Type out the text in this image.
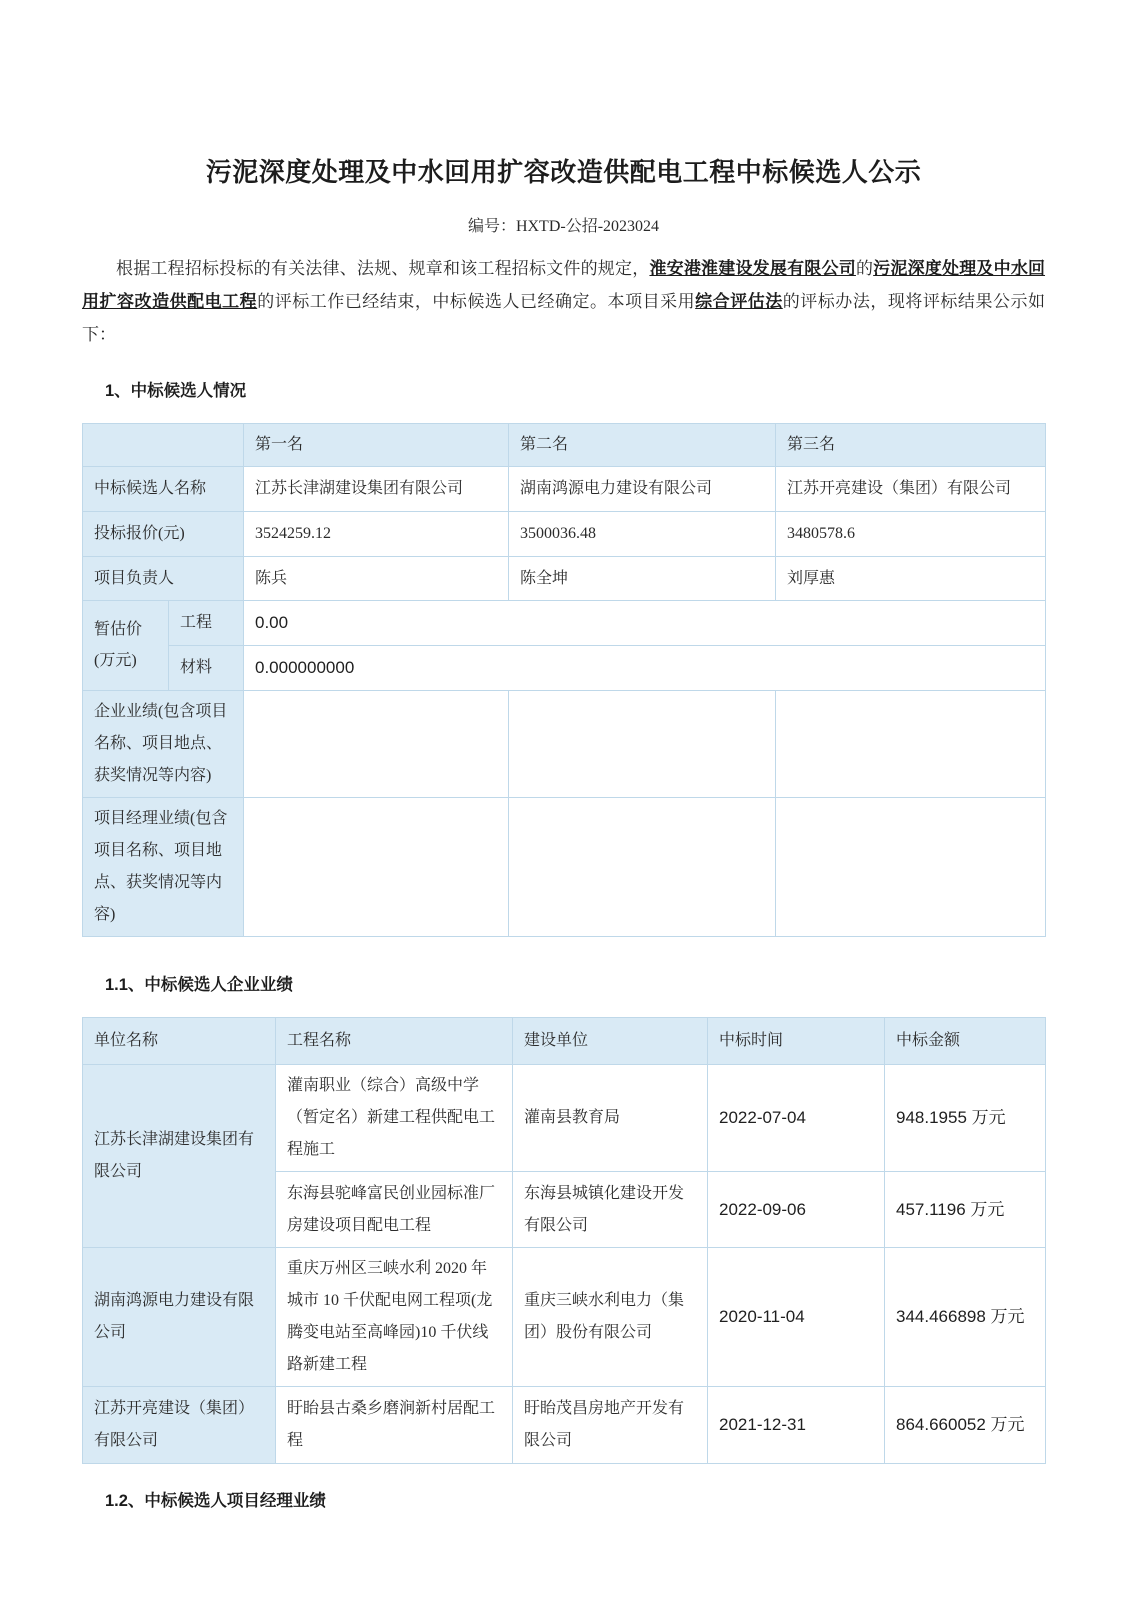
污泥深度处理及中水回用扩容改造供配电工程中标候选人公示
编号：HXTD-公招-2023024
根据工程招标投标的有关法律、法规、规章和该工程招标文件的规定，淮安港淮建设发展有限公司的污泥深度处理及中水回用扩容改造供配电工程的评标工作已经结束，中标候选人已经确定。本项目采用综合评估法的评标办法，现将评标结果公示如下：
1、中标候选人情况
		第一名	第二名	第三名
中标候选人名称		江苏长津湖建设集团有限公司	湖南鸿源电力建设有限公司	江苏开亮建设（集团）有限公司
投标报价(元)		3524259.12	3500036.48	3480578.6
项目负责人		陈兵	陈全坤	刘厚惠

暂估价
(万元)	工程	0.00		
	材料	0.000000000		
企业业绩(包含项目名称、项目地点、获奖情况等内容)				
项目经理业绩(包含项目名称、项目地点、获奖情况等内容)				
1.1、中标候选人企业业绩
单位名称	工程名称	建设单位	中标时间	中标金额
江苏长津湖建设集团有限公司	灌南职业（综合）高级中学（暂定名）新建工程供配电工程施工	灌南县教育局	2022-07-04	948.1955 万元
	东海县驼峰富民创业园标准厂房建设项目配电工程	东海县城镇化建设开发有限公司	2022-09-06	457.1196 万元
湖南鸿源电力建设有限公司	重庆万州区三峡水利 2020 年城市 10 千伏配电网工程项(龙腾变电站至高峰园)10 千伏线路新建工程	重庆三峡水利电力（集团）股份有限公司	2020-11-04	344.466898 万元
江苏开亮建设（集团）有限公司	盱眙县古桑乡磨涧新村居配工程	盱眙茂昌房地产开发有限公司	2021-12-31	864.660052 万元
1.2、中标候选人项目经理业绩
